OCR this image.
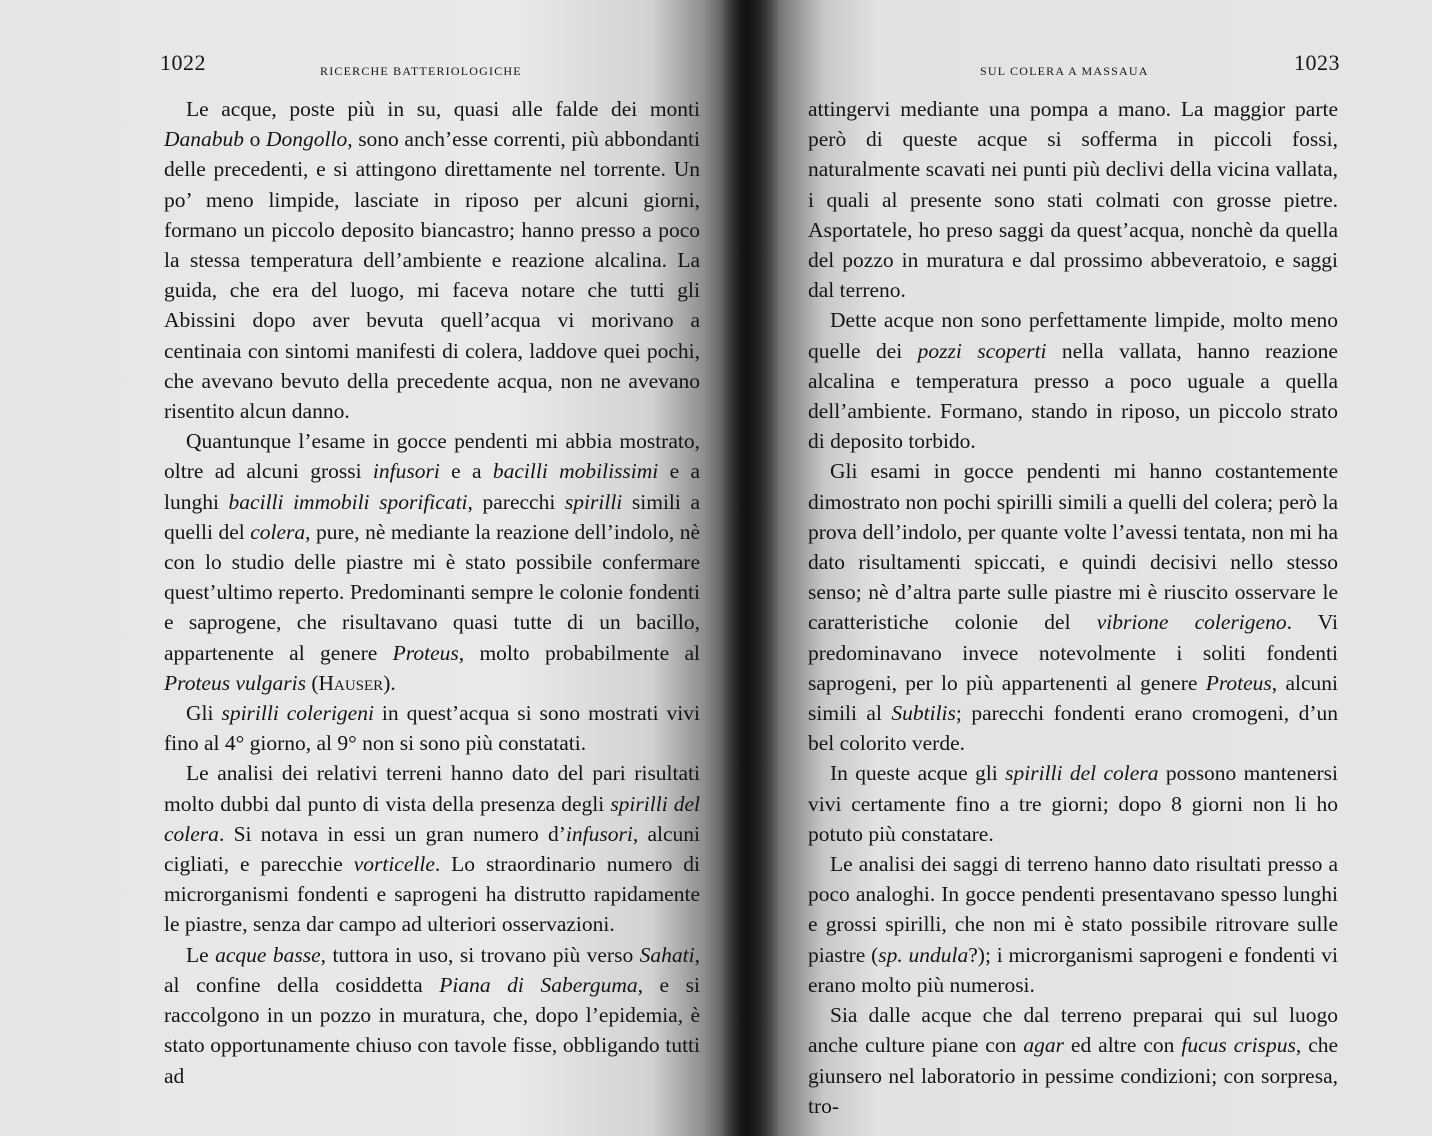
1022	RICERCHE BATTERIOLOGICHE

Le acque, poste più in su, quasi alle falde dei monti Danabub o Dongollo, sono anch’esse correnti, più abbondanti delle precedenti, e si attingono direttamente nel torrente. Un po’ meno limpide, lasciate in riposo per alcuni giorni, formano un piccolo deposito biancastro; hanno presso a poco la stessa temperatura dell’ambiente e reazione alcalina. La guida, che era del luogo, mi faceva notare che tutti gli Abissini dopo aver bevuta quell’acqua vi morivano a centinaia con sintomi manifesti di colera, laddove quei pochi, che avevano bevuto della precedente acqua, non ne avevano risentito alcun danno.

Quantunque l’esame in gocce pendenti mi abbia mostrato, oltre ad alcuni grossi infusori e a bacilli mobilissimi e a lunghi bacilli immobili sporificati, parecchi spirilli simili a quelli del colera, pure, nè mediante la reazione dell’indolo, nè con lo studio delle piastre mi è stato possibile confermare quest’ultimo reperto. Predominanti sempre le colonie fondenti e saprogene, che risultavano quasi tutte di un bacillo, appartenente al genere Proteus, molto probabilmente al Proteus vulgaris (Hauser).

Gli spirilli colerigeni in quest’acqua si sono mostrati vivi fino al 4° giorno, al 9° non si sono più constatati.

Le analisi dei relativi terreni hanno dato del pari risultati molto dubbi dal punto di vista della presenza degli spirilli del colera. Si notava in essi un gran numero d’infusori, alcuni cigliati, e parecchie vorticelle. Lo straordinario numero di microrganismi fondenti e saprogeni ha distrutto rapidamente le piastre, senza dar campo ad ulteriori osservazioni.

Le acque basse, tuttora in uso, si trovano più verso Sahati, al confine della cosiddetta Piana di Saberguma, e si raccolgono in un pozzo in muratura, che, dopo l’epidemia, è stato opportunamente chiuso con tavole fisse, obbligando tutti ad

SUL COLERA A MASSAUA	1023

attingervi mediante una pompa a mano. La maggior parte però di queste acque si sofferma in piccoli fossi, naturalmente scavati nei punti più declivi della vicina vallata, i quali al presente sono stati colmati con grosse pietre. Asportatele, ho preso saggi da quest’acqua, nonchè da quella del pozzo in muratura e dal prossimo abbeveratoio, e saggi dal terreno.

Dette acque non sono perfettamente limpide, molto meno quelle dei pozzi scoperti nella vallata, hanno reazione alcalina e temperatura presso a poco uguale a quella dell’ambiente. Formano, stando in riposo, un piccolo strato di deposito torbido.

Gli esami in gocce pendenti mi hanno costantemente dimostrato non pochi spirilli simili a quelli del colera; però la prova dell’indolo, per quante volte l’avessi tentata, non mi ha dato risultamenti spiccati, e quindi decisivi nello stesso senso; nè d’altra parte sulle piastre mi è riuscito osservare le caratteristiche colonie del vibrione colerigeno. Vi predominavano invece notevolmente i soliti fondenti saprogeni, per lo più appartenenti al genere Proteus, alcuni simili al Subtilis; parecchi fondenti erano cromogeni, d’un bel colorito verde.

In queste acque gli spirilli del colera possono mantenersi vivi certamente fino a tre giorni; dopo 8 giorni non li ho potuto più constatare.

Le analisi dei saggi di terreno hanno dato risultati presso a poco analoghi. In gocce pendenti presentavano spesso lunghi e grossi spirilli, che non mi è stato possibile ritrovare sulle piastre (sp. undula?); i microrganismi saprogeni e fondenti vi erano molto più numerosi.

Sia dalle acque che dal terreno preparai qui sul luogo anche culture piane con agar ed altre con fucus crispus, che giunsero nel laboratorio in pessime condizioni; con sorpresa, tro-
